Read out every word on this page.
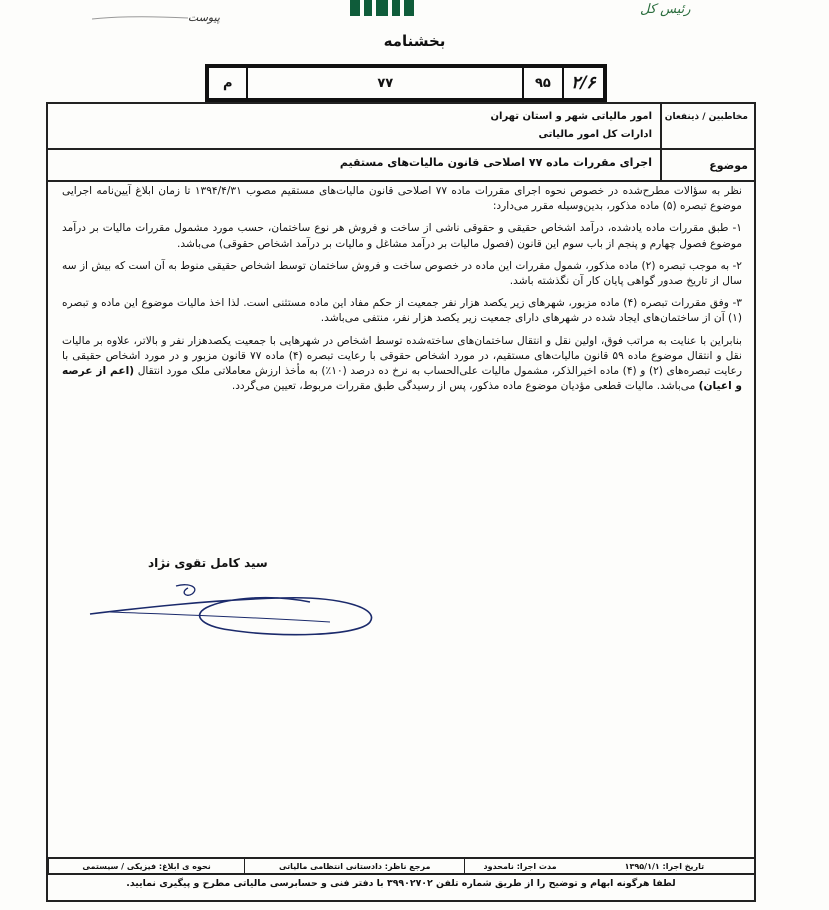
پیوست
رئیس کل
بخشنامه
م	۷۷	۹۵	۲/۶
مخاطبین / ذینفعان
امور مالیاتی شهر و استان تهران
ادارات کل امور مالیاتی
موضوع
اجرای مقررات ماده ۷۷ اصلاحی قانون مالیات‌های مستقیم

نظر به سؤالات مطرح‌شده در خصوص نحوه اجرای مقررات ماده ۷۷ اصلاحی قانون مالیات‌های مستقیم مصوب ۱۳۹۴/۴/۳۱ تا زمان ابلاغ آیین‌نامه اجرایی موضوع تبصره (۵) ماده مذکور، بدین‌وسیله مقرر می‌دارد:

۱- طبق مقررات ماده یادشده، درآمد اشخاص حقیقی و حقوقی ناشی از ساخت و فروش هر نوع ساختمان، حسب مورد مشمول مقررات مالیات بر درآمد موضوع فصول چهارم و پنجم از باب سوم این قانون (فصول مالیات بر درآمد مشاغل و مالیات بر درآمد اشخاص حقوقی) می‌باشد.

۲- به موجب تبصره (۲) ماده مذکور، شمول مقررات این ماده در خصوص ساخت و فروش ساختمان توسط اشخاص حقیقی منوط به آن است که بیش از سه سال از تاریخ صدور گواهی پایان کار آن نگذشته باشد.

۳- وفق مقررات تبصره (۴) ماده مزبور، شهرهای زیر یکصد هزار نفر جمعیت از حکم مفاد این ماده مستثنی است. لذا اخذ مالیات موضوع این ماده و تبصره (۱) آن از ساختمان‌های ایجاد شده در شهرهای دارای جمعیت زیر یکصد هزار نفر، منتفی می‌باشد.

بنابراین با عنایت به مراتب فوق، اولین نقل و انتقال ساختمان‌های ساخته‌شده توسط اشخاص در شهرهایی با جمعیت یکصدهزار نفر و بالاتر، علاوه بر مالیات نقل و انتقال موضوع ماده ۵۹ قانون مالیات‌های مستقیم، در مورد اشخاص حقوقی با رعایت تبصره (۴) ماده ۷۷ قانون مزبور و در مورد اشخاص حقیقی با رعایت تبصره‌های (۲) و (۴) ماده اخیرالذکر، مشمول مالیات علی‌الحساب به نرخ ده درصد (۱۰٪) به مأخذ ارزش معاملاتی ملک مورد انتقال (اعم از عرصه و اعیان) می‌باشد. مالیات قطعی مؤدیان موضوع ماده مذکور، پس از رسیدگی طبق مقررات مربوط، تعیین می‌گردد.

سید کامل تقوی نژاد
تاریخ اجرا: ۱۳۹۵/۱/۱
مدت اجرا: نامحدود
مرجع ناظر: دادستانی انتظامی مالیاتی
نحوه ی ابلاغ: فیزیکی / سیستمی
لطفا هرگونه ابهام و توضیح را از طریق شماره تلفن ۳۹۹۰۲۷۰۲ با دفتر فنی و حسابرسی مالیاتی مطرح و پیگیری نمایید.
